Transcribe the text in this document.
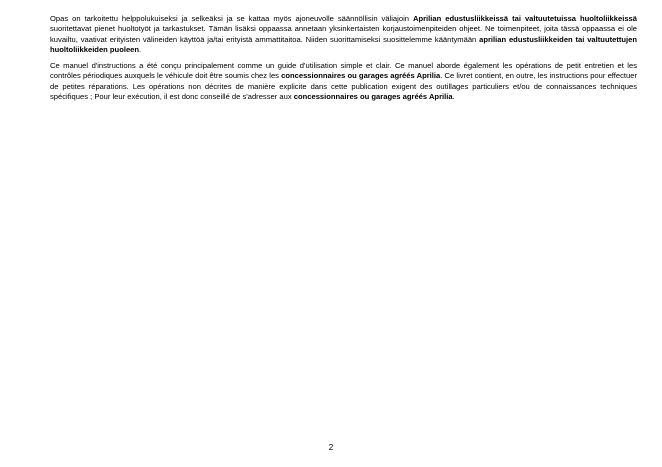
Opas on tarkoitettu helppolukuiseksi ja selkeäksi ja se kattaa myös ajoneuvolle säännöllisin väliajoin Aprilian edustusliikkeissä tai valtuutetuissa huoltoliikkeissä suoritettavat pienet huoltotyöt ja tarkastukset. Tämän lisäksi oppaassa annetaan yksinkertaisten korjaustoimenpiteiden ohjeet. Ne toimenpiteet, joita tässä oppaassa ei ole kuvailtu, vaativat erityisten välineiden käyttöä ja/tai erityistä ammattitaitoa. Niiden suorittamiseksi suosittelemme kääntymään aprilian edustusliikkeiden tai valtuutettujen huoltoliikkeiden puoleen.

Ce manuel d'instructions a été conçu principalement comme un guide d'utilisation simple et clair. Ce manuel aborde également les opérations de petit entretien et les contrôles périodiques auxquels le véhicule doit être soumis chez les concessionnaires ou garages agréés Aprilia. Ce livret contient, en outre, les instructions pour effectuer de petites réparations. Les opérations non décrites de manière explicite dans cette publication exigent des outillages particuliers et/ou de connaissances techniques spécifiques ; Pour leur exécution, il est donc conseillé de s'adresser aux concessionnaires ou garages agréés Aprilia.

2
